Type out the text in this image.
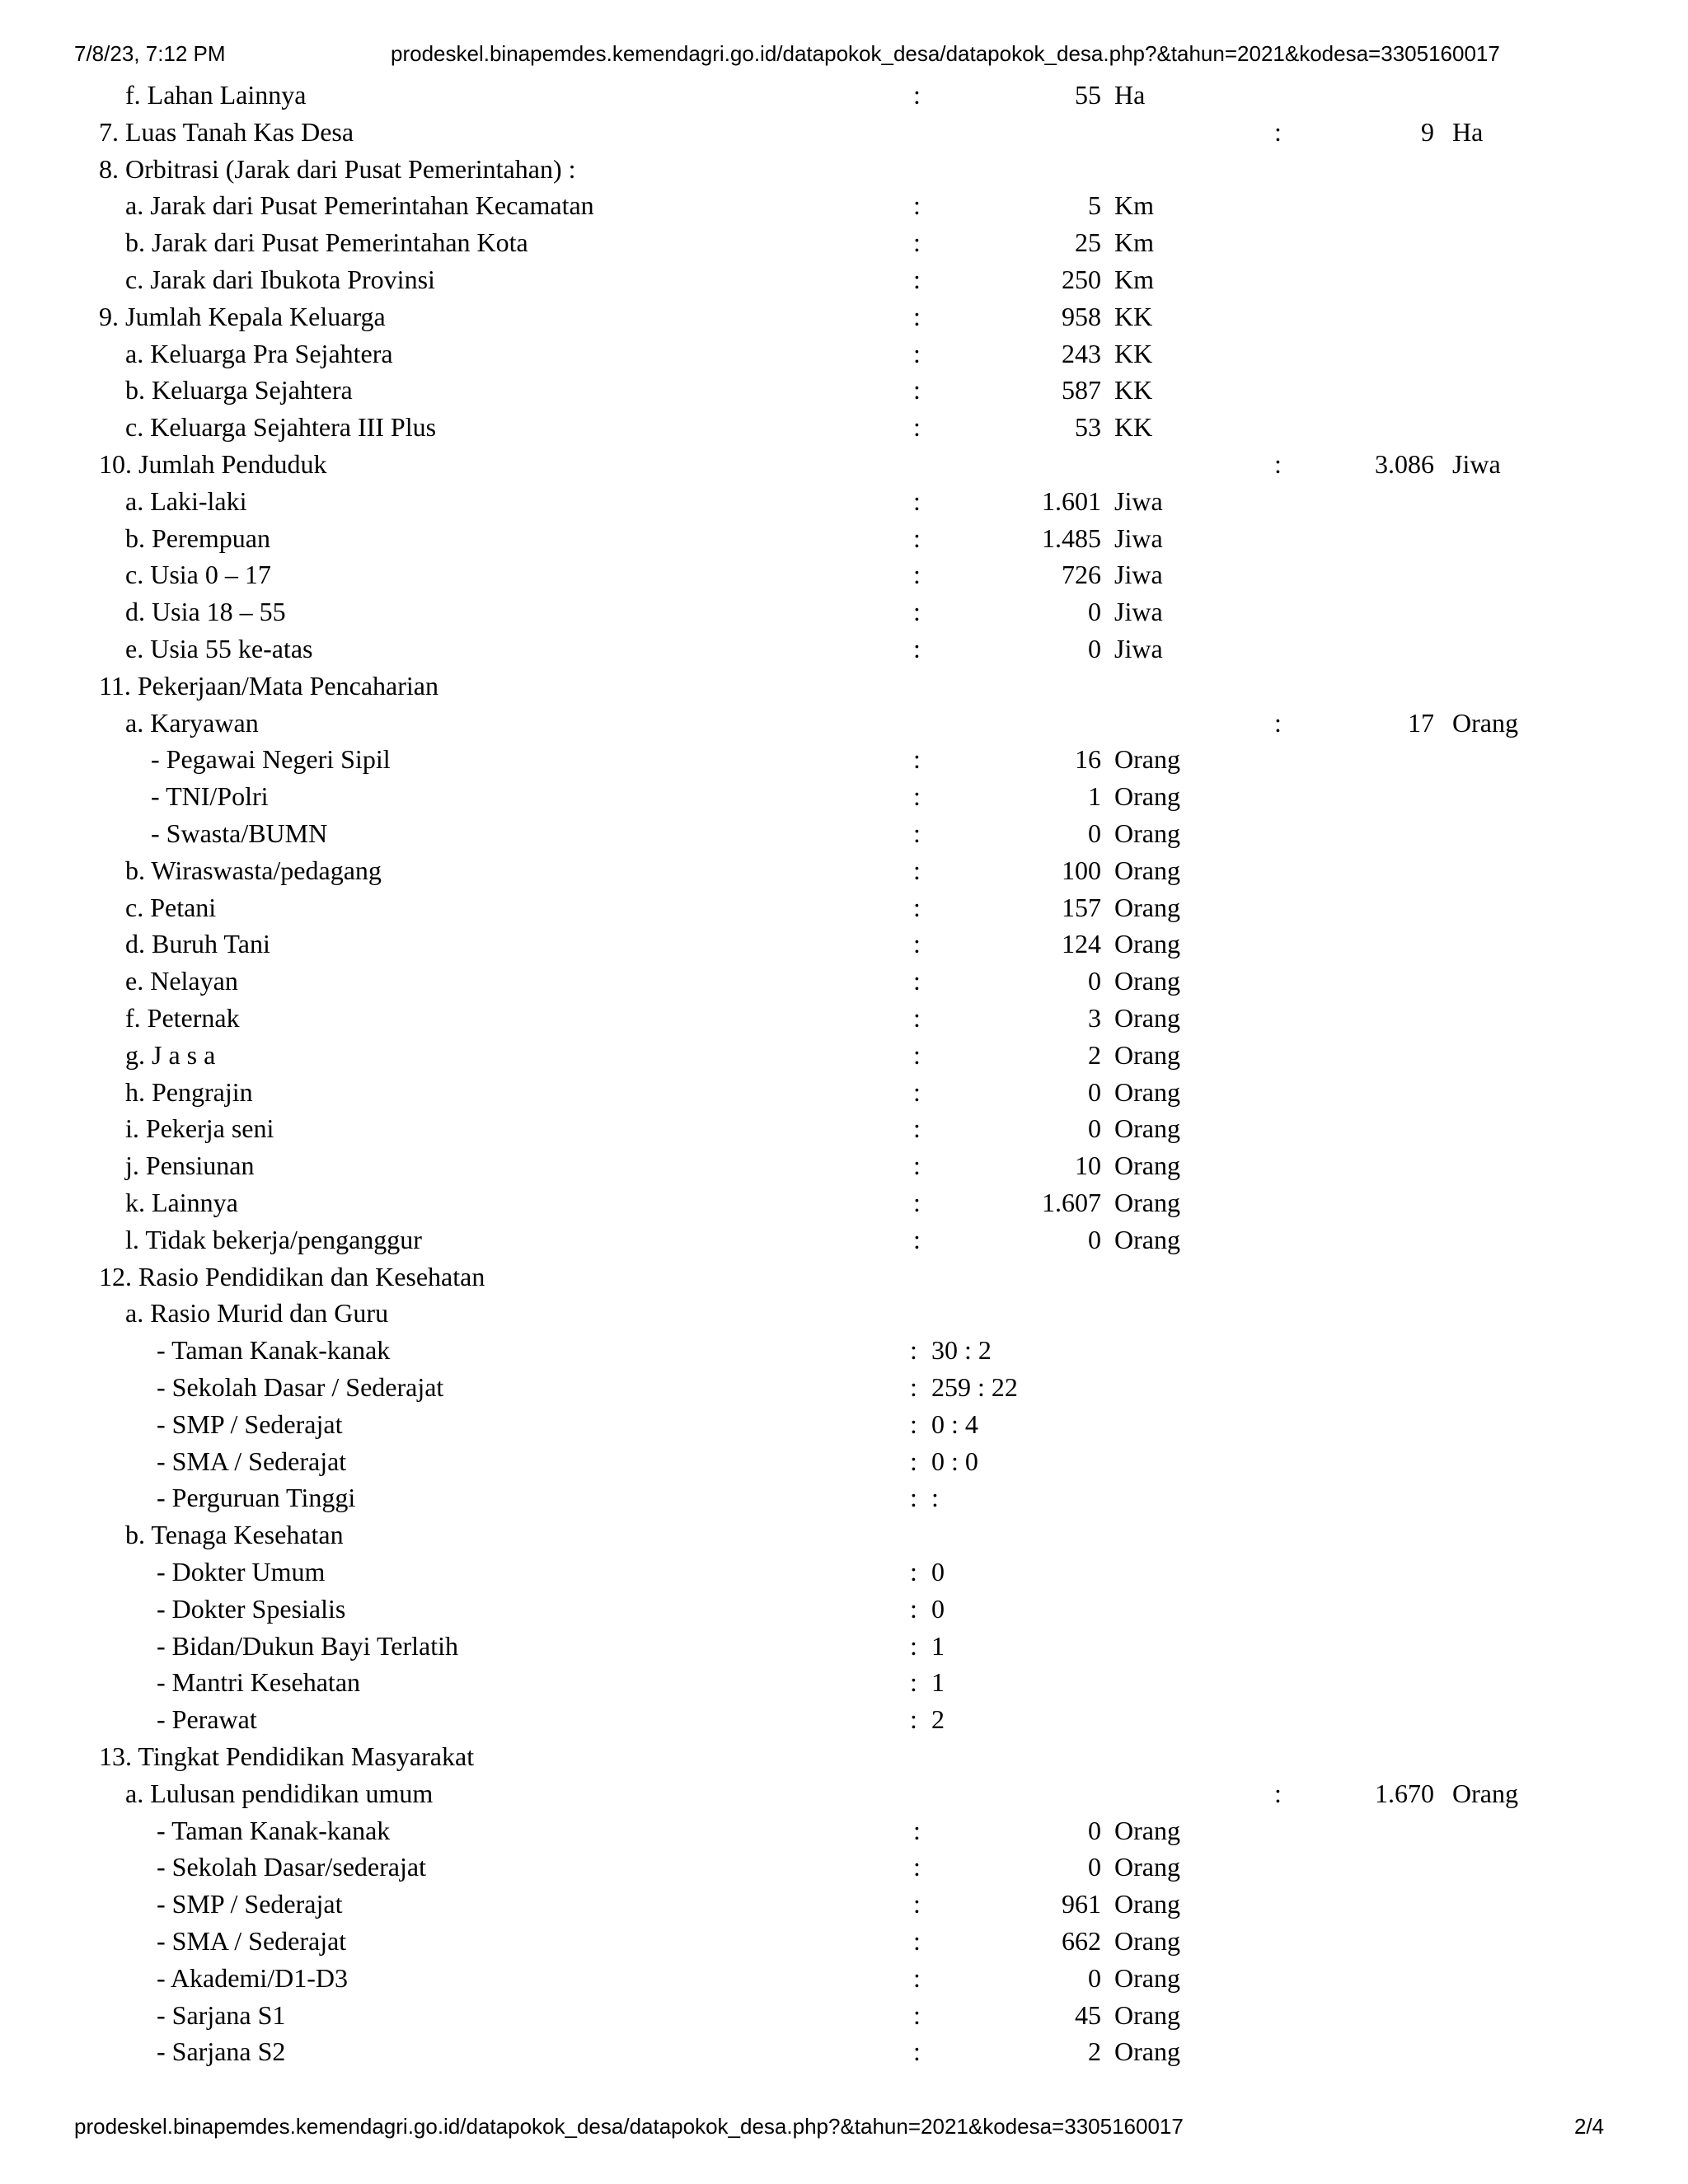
7/8/23, 7:12 PM	prodeskel.binapemdes.kemendagri.go.id/datapokok_desa/datapokok_desa.php?&tahun=2021&kodesa=3305160017
f. Lahan Lainnya	:	55 Ha
7. Luas Tanah Kas Desa	:	9 Ha
8. Orbitrasi (Jarak dari Pusat Pemerintahan) :
a. Jarak dari Pusat Pemerintahan Kecamatan	:	5 Km
b. Jarak dari Pusat Pemerintahan Kota	:	25 Km
c. Jarak dari Ibukota Provinsi	:	250 Km
9. Jumlah Kepala Keluarga	:	958 KK
a. Keluarga Pra Sejahtera	:	243 KK
b. Keluarga Sejahtera	:	587 KK
c. Keluarga Sejahtera III Plus	:	53 KK
10. Jumlah Penduduk	:	3.086 Jiwa
a. Laki-laki	:	1.601 Jiwa
b. Perempuan	:	1.485 Jiwa
c. Usia 0 – 17	:	726 Jiwa
d. Usia 18 – 55	:	0 Jiwa
e. Usia 55 ke-atas	:	0 Jiwa
11. Pekerjaan/Mata Pencaharian
a. Karyawan	:	17 Orang
- Pegawai Negeri Sipil	:	16 Orang
- TNI/Polri	:	1 Orang
- Swasta/BUMN	:	0 Orang
b. Wiraswasta/pedagang	:	100 Orang
c. Petani	:	157 Orang
d. Buruh Tani	:	124 Orang
e. Nelayan	:	0 Orang
f. Peternak	:	3 Orang
g. J a s a	:	2 Orang
h. Pengrajin	:	0 Orang
i. Pekerja seni	:	0 Orang
j. Pensiunan	:	10 Orang
k. Lainnya	:	1.607 Orang
l. Tidak bekerja/penganggur	:	0 Orang
12. Rasio Pendidikan dan Kesehatan
a. Rasio Murid dan Guru
- Taman Kanak-kanak	: 30 : 2
- Sekolah Dasar / Sederajat	: 259 : 22
- SMP / Sederajat	: 0 : 4
- SMA / Sederajat	: 0 : 0
- Perguruan Tinggi	: :
b. Tenaga Kesehatan
- Dokter Umum	: 0
- Dokter Spesialis	: 0
- Bidan/Dukun Bayi Terlatih	: 1
- Mantri Kesehatan	: 1
- Perawat	: 2
13. Tingkat Pendidikan Masyarakat
a. Lulusan pendidikan umum	:	1.670 Orang
- Taman Kanak-kanak	:	0 Orang
- Sekolah Dasar/sederajat	:	0 Orang
- SMP / Sederajat	:	961 Orang
- SMA / Sederajat	:	662 Orang
- Akademi/D1-D3	:	0 Orang
- Sarjana S1	:	45 Orang
- Sarjana S2	:	2 Orang
prodeskel.binapemdes.kemendagri.go.id/datapokok_desa/datapokok_desa.php?&tahun=2021&kodesa=3305160017	2/4
